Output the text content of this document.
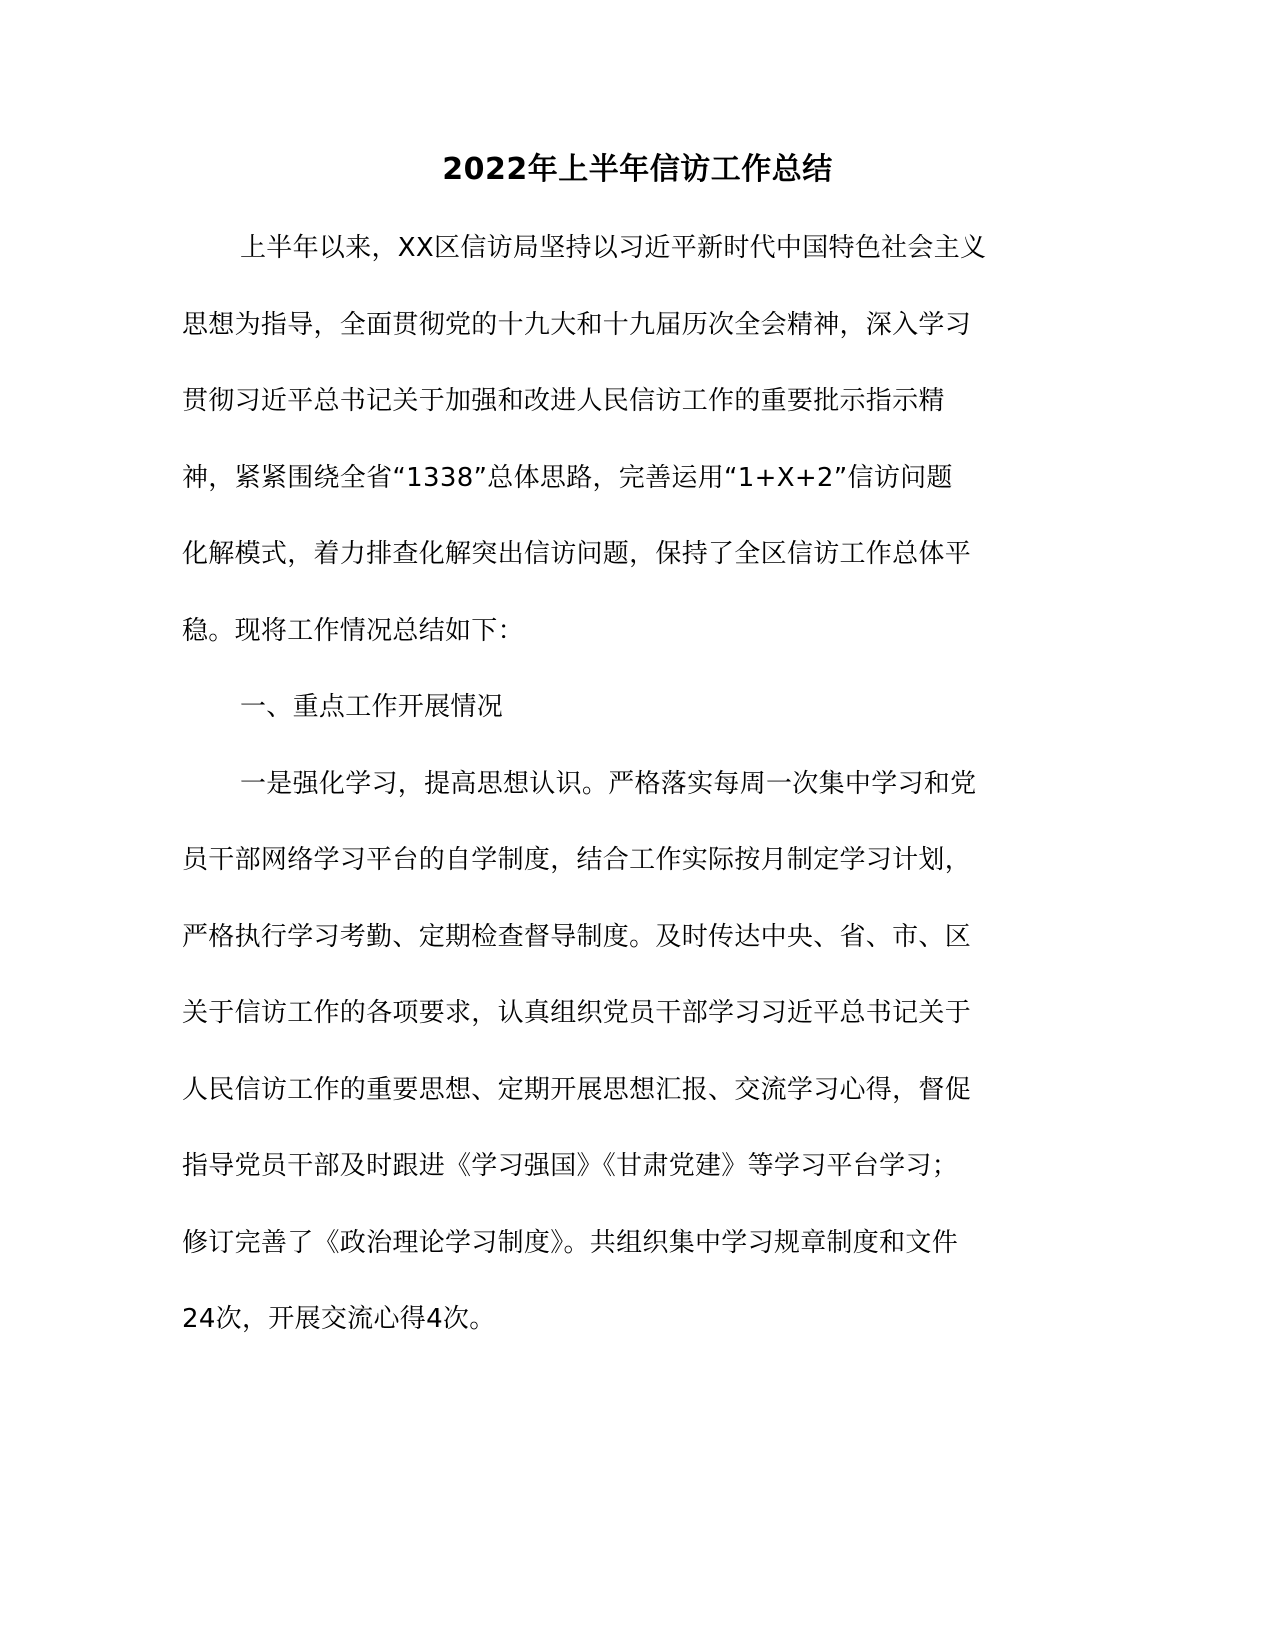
2022年上半年信访工作总结
上半年以来，XX区信访局坚持以习近平新时代中国特色社会主义
思想为指导，全面贯彻党的十九大和十九届历次全会精神，深入学习
贯彻习近平总书记关于加强和改进人民信访工作的重要批示指示精
神，紧紧围绕全省“1338”总体思路，完善运用“1+X+2”信访问题
化解模式，着力排查化解突出信访问题，保持了全区信访工作总体平
稳。现将工作情况总结如下：
一、重点工作开展情况
一是强化学习，提高思想认识。严格落实每周一次集中学习和党
员干部网络学习平台的自学制度，结合工作实际按月制定学习计划，
严格执行学习考勤、定期检查督导制度。及时传达中央、省、市、区
关于信访工作的各项要求，认真组织党员干部学习习近平总书记关于
人民信访工作的重要思想、定期开展思想汇报、交流学习心得，督促
指导党员干部及时跟进《学习强国》《甘肃党建》等学习平台学习；
修订完善了《政治理论学习制度》。共组织集中学习规章制度和文件
24次，开展交流心得4次。
